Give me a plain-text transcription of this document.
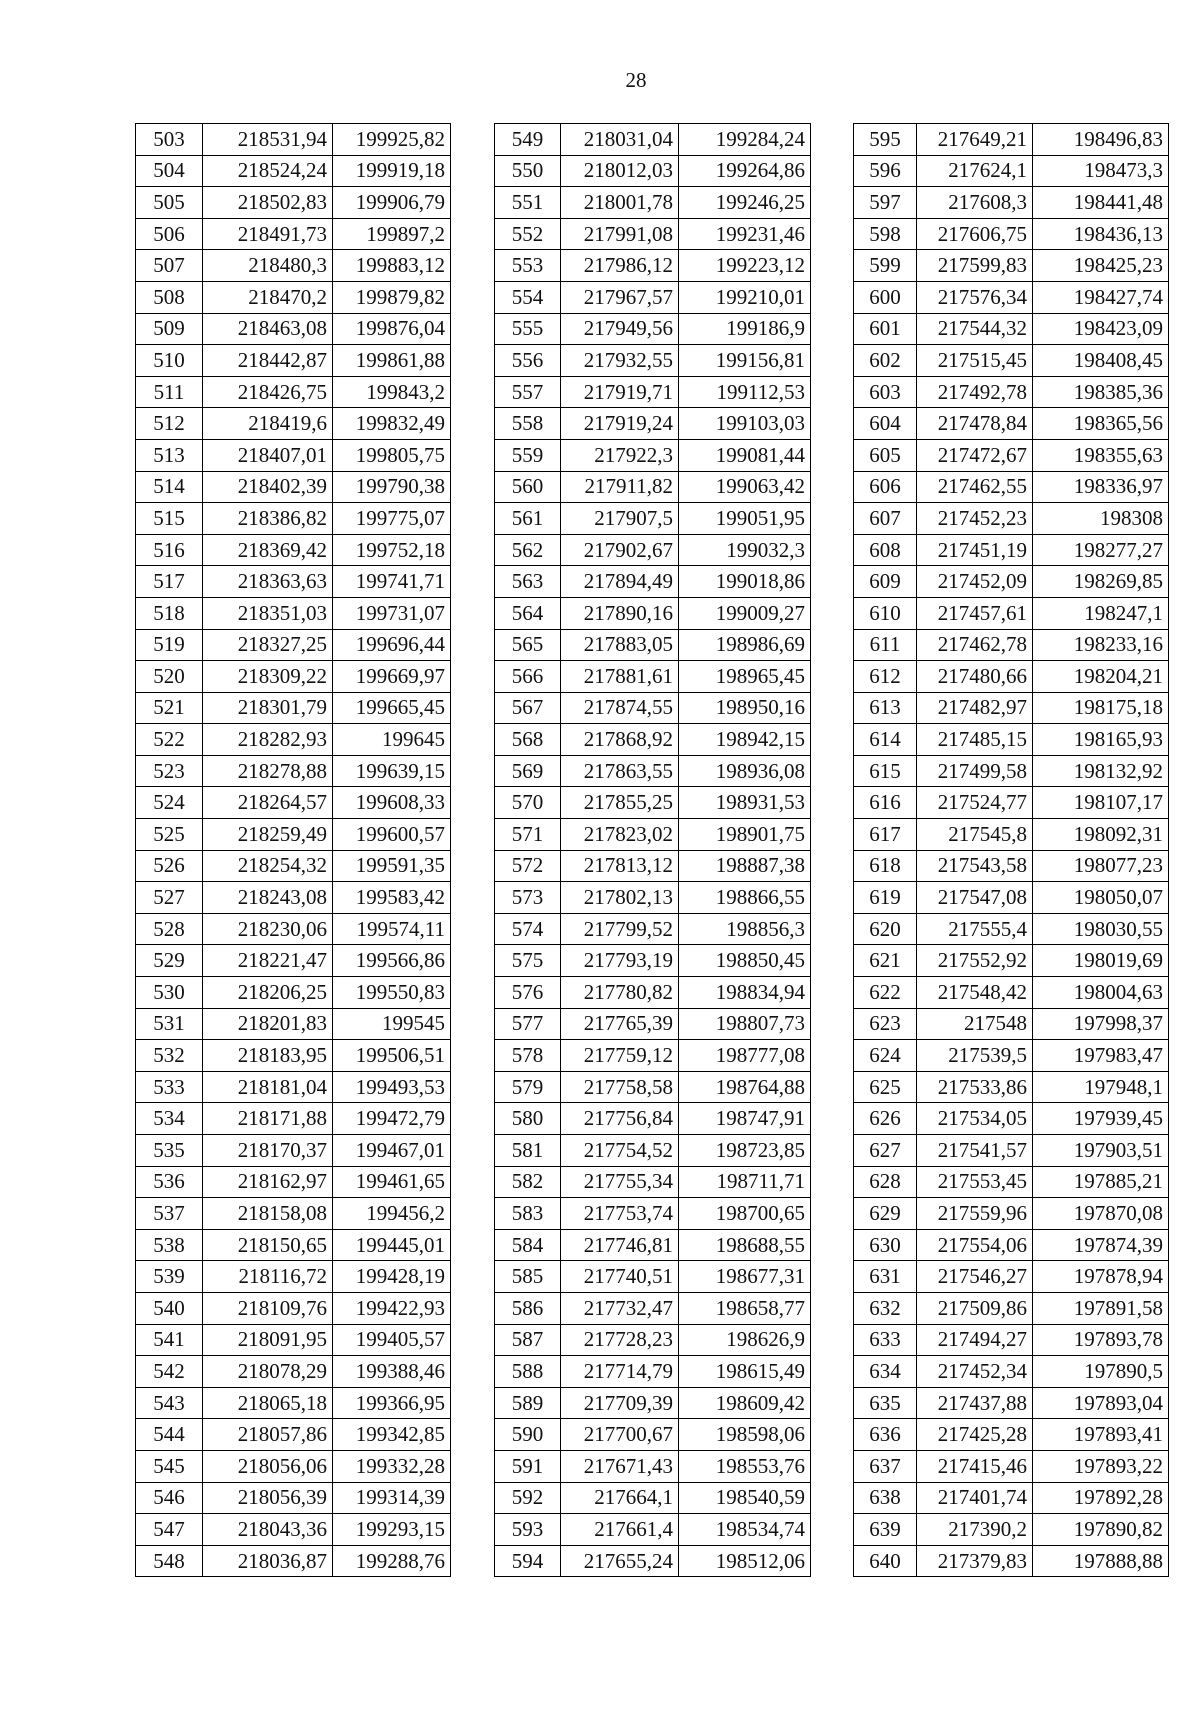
28
503	218531,94	199925,82
504	218524,24	199919,18
505	218502,83	199906,79
506	218491,73	199897,2
507	218480,3	199883,12
508	218470,2	199879,82
509	218463,08	199876,04
510	218442,87	199861,88
511	218426,75	199843,2
512	218419,6	199832,49
513	218407,01	199805,75
514	218402,39	199790,38
515	218386,82	199775,07
516	218369,42	199752,18
517	218363,63	199741,71
518	218351,03	199731,07
519	218327,25	199696,44
520	218309,22	199669,97
521	218301,79	199665,45
522	218282,93	199645
523	218278,88	199639,15
524	218264,57	199608,33
525	218259,49	199600,57
526	218254,32	199591,35
527	218243,08	199583,42
528	218230,06	199574,11
529	218221,47	199566,86
530	218206,25	199550,83
531	218201,83	199545
532	218183,95	199506,51
533	218181,04	199493,53
534	218171,88	199472,79
535	218170,37	199467,01
536	218162,97	199461,65
537	218158,08	199456,2
538	218150,65	199445,01
539	218116,72	199428,19
540	218109,76	199422,93
541	218091,95	199405,57
542	218078,29	199388,46
543	218065,18	199366,95
544	218057,86	199342,85
545	218056,06	199332,28
546	218056,39	199314,39
547	218043,36	199293,15
548	218036,87	199288,76
549	218031,04	199284,24
550	218012,03	199264,86
551	218001,78	199246,25
552	217991,08	199231,46
553	217986,12	199223,12
554	217967,57	199210,01
555	217949,56	199186,9
556	217932,55	199156,81
557	217919,71	199112,53
558	217919,24	199103,03
559	217922,3	199081,44
560	217911,82	199063,42
561	217907,5	199051,95
562	217902,67	199032,3
563	217894,49	199018,86
564	217890,16	199009,27
565	217883,05	198986,69
566	217881,61	198965,45
567	217874,55	198950,16
568	217868,92	198942,15
569	217863,55	198936,08
570	217855,25	198931,53
571	217823,02	198901,75
572	217813,12	198887,38
573	217802,13	198866,55
574	217799,52	198856,3
575	217793,19	198850,45
576	217780,82	198834,94
577	217765,39	198807,73
578	217759,12	198777,08
579	217758,58	198764,88
580	217756,84	198747,91
581	217754,52	198723,85
582	217755,34	198711,71
583	217753,74	198700,65
584	217746,81	198688,55
585	217740,51	198677,31
586	217732,47	198658,77
587	217728,23	198626,9
588	217714,79	198615,49
589	217709,39	198609,42
590	217700,67	198598,06
591	217671,43	198553,76
592	217664,1	198540,59
593	217661,4	198534,74
594	217655,24	198512,06
595	217649,21	198496,83
596	217624,1	198473,3
597	217608,3	198441,48
598	217606,75	198436,13
599	217599,83	198425,23
600	217576,34	198427,74
601	217544,32	198423,09
602	217515,45	198408,45
603	217492,78	198385,36
604	217478,84	198365,56
605	217472,67	198355,63
606	217462,55	198336,97
607	217452,23	198308
608	217451,19	198277,27
609	217452,09	198269,85
610	217457,61	198247,1
611	217462,78	198233,16
612	217480,66	198204,21
613	217482,97	198175,18
614	217485,15	198165,93
615	217499,58	198132,92
616	217524,77	198107,17
617	217545,8	198092,31
618	217543,58	198077,23
619	217547,08	198050,07
620	217555,4	198030,55
621	217552,92	198019,69
622	217548,42	198004,63
623	217548	197998,37
624	217539,5	197983,47
625	217533,86	197948,1
626	217534,05	197939,45
627	217541,57	197903,51
628	217553,45	197885,21
629	217559,96	197870,08
630	217554,06	197874,39
631	217546,27	197878,94
632	217509,86	197891,58
633	217494,27	197893,78
634	217452,34	197890,5
635	217437,88	197893,04
636	217425,28	197893,41
637	217415,46	197893,22
638	217401,74	197892,28
639	217390,2	197890,82
640	217379,83	197888,88
